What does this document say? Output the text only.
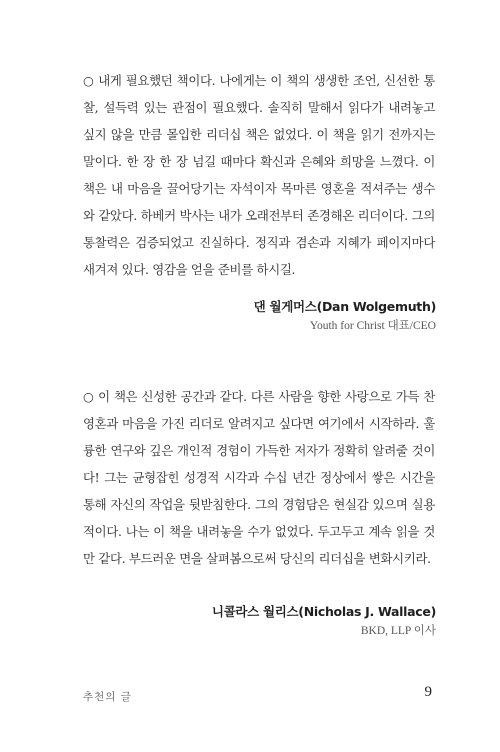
○ 내게 필요했던 책이다. 나에게는 이 책의 생생한 조언, 신선한 통찰, 설득력 있는 관점이 필요했다. 솔직히 말해서 읽다가 내려놓고 싶지 않을 만큼 몰입한 리더십 책은 없었다. 이 책을 읽기 전까지는 말이다. 한 장 한 장 넘길 때마다 확신과 은혜와 희망을 느꼈다. 이 책은 내 마음을 끌어당기는 자석이자 목마른 영혼을 적셔주는 생수와 같았다. 하베커 박사는 내가 오래전부터 존경해온 리더이다. 그의 통찰력은 검증되었고 진실하다. 정직과 겸손과 지혜가 페이지마다 새겨져 있다. 영감을 얻을 준비를 하시길.

댄 월게머스(Dan Wolgemuth)
Youth for Christ 대표/CEO

○ 이 책은 신성한 공간과 같다. 다른 사람을 향한 사랑으로 가득 찬 영혼과 마음을 가진 리더로 알려지고 싶다면 여기에서 시작하라. 훌륭한 연구와 깊은 개인적 경험이 가득한 저자가 정확히 알려줄 것이다! 그는 균형잡힌 성경적 시각과 수십 년간 정상에서 쌓은 시간을 통해 자신의 작업을 뒷받침한다. 그의 경험담은 현실감 있으며 실용적이다. 나는 이 책을 내려놓을 수가 없었다. 두고두고 계속 읽을 것만 같다. 부드러운 면을 살펴봄으로써 당신의 리더십을 변화시키라.

니콜라스 월리스(Nicholas J. Wallace)
BKD, LLP 이사
추천의 글	9
